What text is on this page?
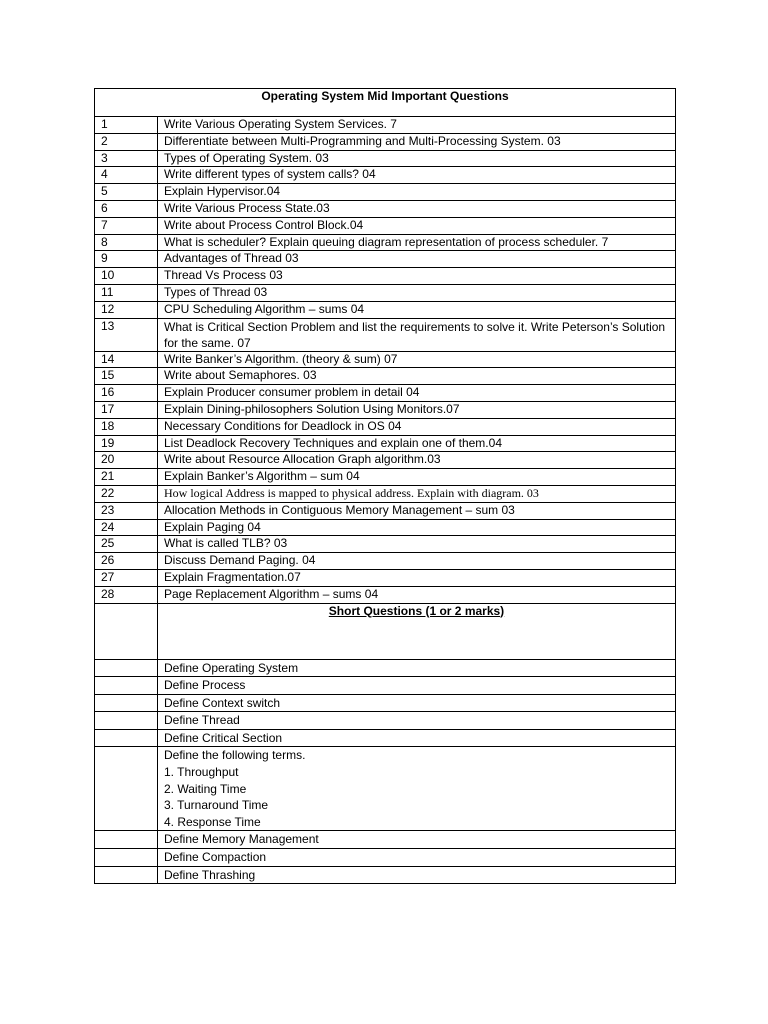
Operating System Mid Important Questions	
1	Write Various Operating System Services. 7
2	Differentiate between Multi-Programming and Multi-Processing System. 03
3	Types of Operating System. 03
4	Write different types of system calls? 04
5	Explain Hypervisor.04
6	Write Various Process State.03
7	Write about Process Control Block.04
8	What is scheduler? Explain queuing diagram representation of process scheduler. 7
9	Advantages of Thread 03
10	Thread Vs Process 03
11	Types of Thread 03
12	CPU Scheduling Algorithm – sums 04
13	What is Critical Section Problem and list the requirements to solve it. Write Peterson’s Solution for the same. 07
14	Write Banker’s Algorithm. (theory & sum) 07
15	Write about Semaphores. 03
16	Explain Producer consumer problem in detail 04
17	Explain Dining-philosophers Solution Using Monitors.07
18	Necessary Conditions for Deadlock in OS 04
19	List Deadlock Recovery Techniques and explain one of them.04
20	Write about Resource Allocation Graph algorithm.03
21	Explain Banker’s Algorithm – sum 04
22	How logical Address is mapped to physical address. Explain with diagram. 03
23	Allocation Methods in Contiguous Memory Management – sum 03
24	Explain Paging 04
25	What is called TLB? 03
26	Discuss Demand Paging. 04
27	Explain Fragmentation.07
28	Page Replacement Algorithm – sums 04
	Short Questions (1 or 2 marks)

	Define Operating System

	Define Process

	Define Context switch

	Define Thread

	Define Critical Section

	Define the following terms.
1. Throughput
2. Waiting Time
3. Turnaround Time
4. Response Time

	Define Memory Management

	Define Compaction

	Define Thrashing
